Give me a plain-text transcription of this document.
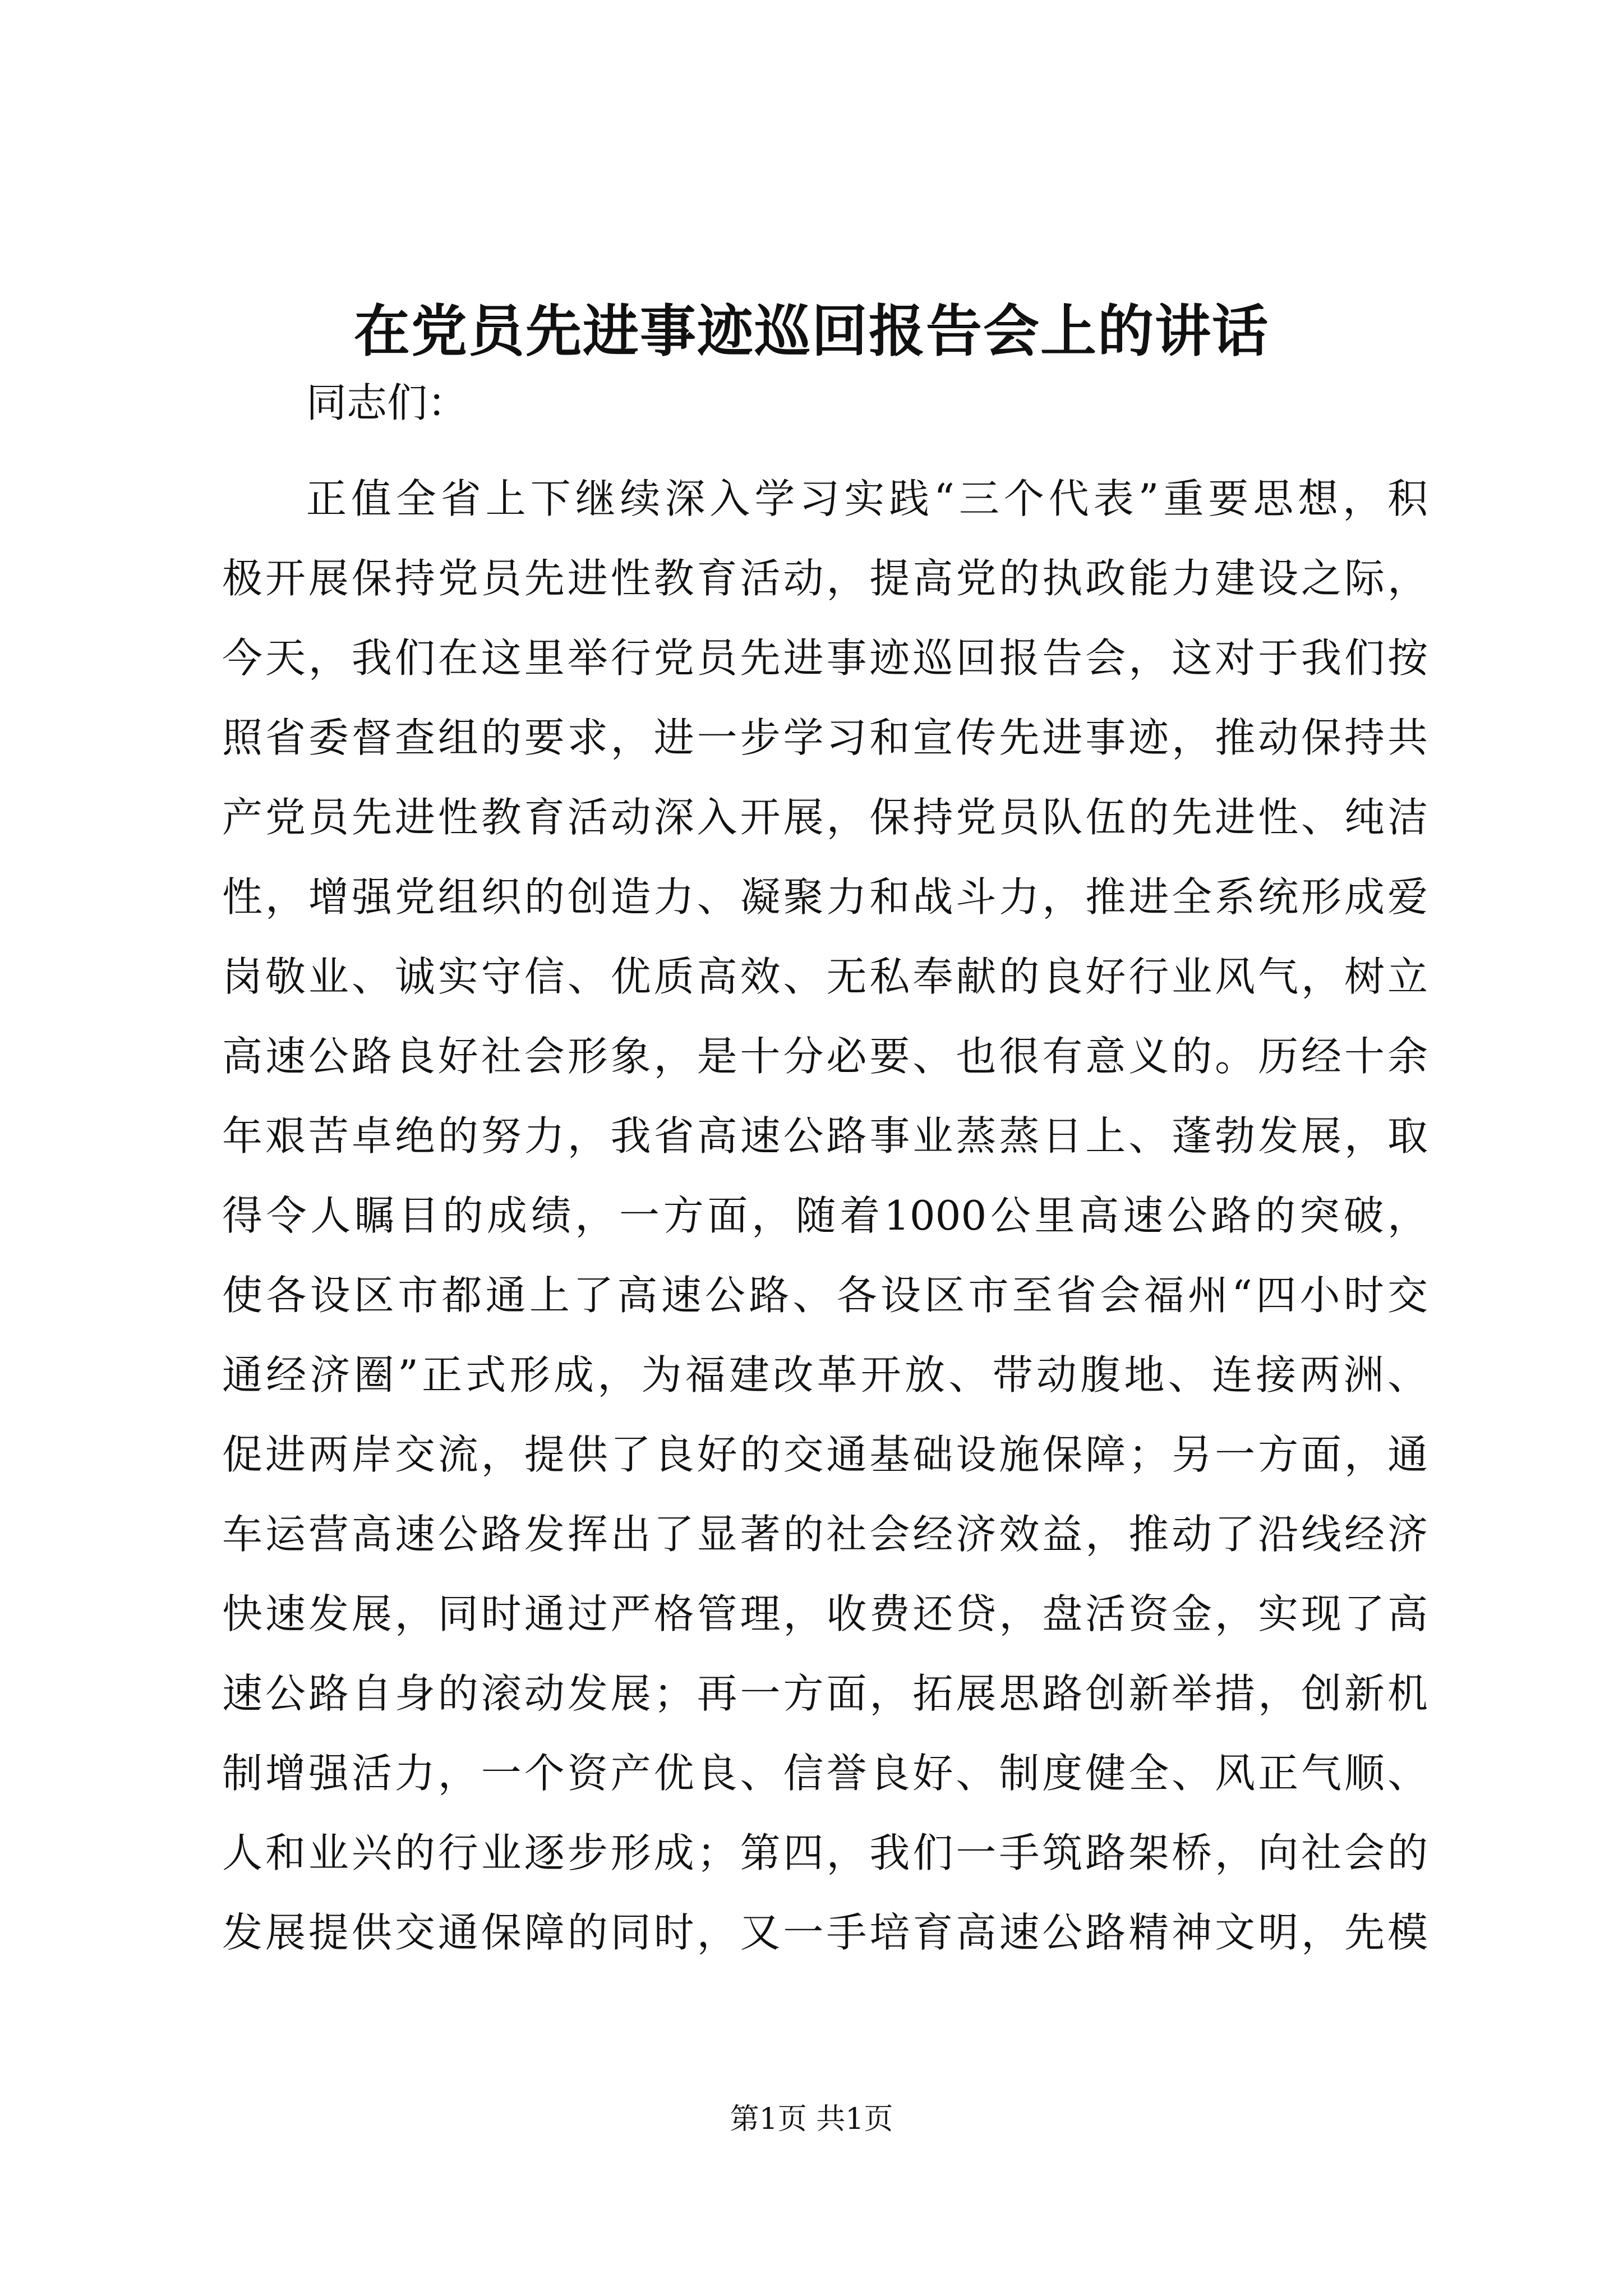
在党员先进事迹巡回报告会上的讲话
同志们：
正值全省上下继续深入学习实践“三个代表”重要思想，积
极开展保持党员先进性教育活动，提高党的执政能力建设之际，
今天，我们在这里举行党员先进事迹巡回报告会，这对于我们按
照省委督查组的要求，进一步学习和宣传先进事迹，推动保持共
产党员先进性教育活动深入开展，保持党员队伍的先进性、纯洁
性，增强党组织的创造力、凝聚力和战斗力，推进全系统形成爱
岗敬业、诚实守信、优质高效、无私奉献的良好行业风气，树立
高速公路良好社会形象，是十分必要、也很有意义的。历经十余
年艰苦卓绝的努力，我省高速公路事业蒸蒸日上、蓬勃发展，取
得令人瞩目的成绩，一方面，随着1000公里高速公路的突破，
使各设区市都通上了高速公路、各设区市至省会福州“四小时交
通经济圈”正式形成，为福建改革开放、带动腹地、连接两洲、
促进两岸交流，提供了良好的交通基础设施保障；另一方面，通
车运营高速公路发挥出了显著的社会经济效益，推动了沿线经济
快速发展，同时通过严格管理，收费还贷，盘活资金，实现了高
速公路自身的滚动发展；再一方面，拓展思路创新举措，创新机
制增强活力，一个资产优良、信誉良好、制度健全、风正气顺、
人和业兴的行业逐步形成；第四，我们一手筑路架桥，向社会的
发展提供交通保障的同时，又一手培育高速公路精神文明，先模
第1页 共1页
